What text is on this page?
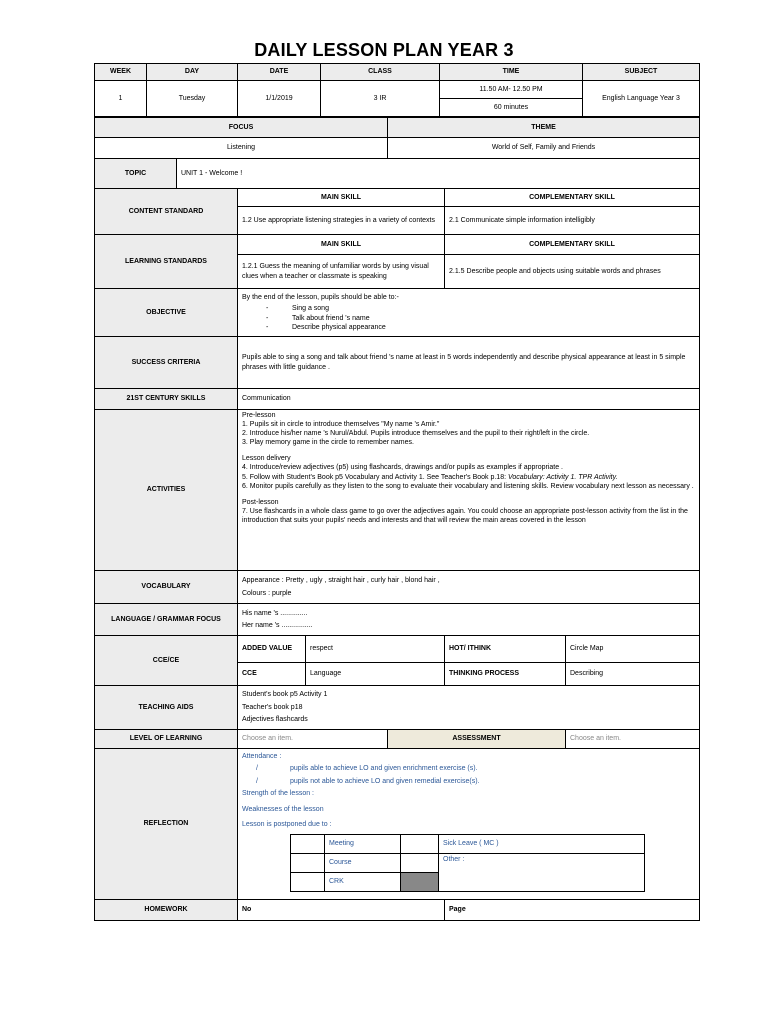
DAILY LESSON PLAN YEAR 3
WEEK	DAY	DATE	CLASS	TIME	SUBJECT
1	Tuesday	1/1/2019	3 IR	11.50 AM- 12.50 PM	English Language Year 3
				60 minutes	
FOCUS	THEME
Listening	World of Self, Family and Friends
TOPIC	UNIT 1 - Welcome !
CONTENT STANDARD	MAIN SKILL	COMPLEMENTARY SKILL
1.2 Use appropriate listening strategies in a variety of contexts	2.1 Communicate simple information intelligibly
LEARNING STANDARDS	MAIN SKILL	COMPLEMENTARY SKILL
1.2.1 Guess the meaning of unfamiliar words by using visual clues when a teacher or classmate is speaking	2.1.5 Describe people and objects using suitable words and phrases
OBJECTIVE	
By the end of the lesson, pupils should be able to:-
- Sing a song
- Talk about friend 's name
- Describe physical appearance

SUCCESS CRITERIA	Pupils able to sing a song and talk about friend 's name at least in 5 words independently and describe physical appearance at least in 5 simple phrases with little guidance .
21ST CENTURY SKILLS	Communication
ACTIVITIES	
Pre-lesson
1. Pupils sit in circle to introduce themselves "My name 's Amir."
2. Introduce his/her name 's Nurul/Abdul. Pupils introduce themselves and the pupil to their right/left in the circle.
3. Play memory game in the circle to remember names.
Lesson delivery
4. Introduce/review adjectives (p5) using flashcards, drawings and/or pupils as examples if appropriate .
5. Follow with Student's Book p5 Vocabulary and Activity 1. See Teacher's Book p.18: Vocabulary: Activity 1. TPR Activity.
6. Monitor pupils carefully as they listen to the song to evaluate their vocabulary and listening skills. Review vocabulary next lesson as necessary .
Post-lesson
7. Use flashcards in a whole class game to go over the adjectives again. You could choose an appropriate post-lesson activity from the list in the introduction that suits your pupils' needs and interests and that will review the main areas covered in the lesson

VOCABULARY	
Appearance : Pretty , ugly , straight hair , curly hair , blond hair ,
Colours : purple

LANGUAGE / GRAMMAR FOCUS	
His name 's ..............
Her name 's ................

CCE/CE	ADDED VALUE	respect	HOT/ ITHINK	Circle Map
CCE	Language	THINKING PROCESS	Describing
TEACHING AIDS	
Student's book p5 Activity 1
Teacher's book p18
Adjectives flashcards

LEVEL OF LEARNING	Choose an item.	ASSESSMENT	Choose an item.
REFLECTION	
Attendance :
/	pupils able to achieve LO and given enrichment exercise (s).
/	pupils not able to achieve LO and given remedial exercise(s).
Strength of the lesson :
Weaknesses of the lesson
Lesson is postponed due to :
	Meeting		Sick Leave ( MC )
	Course		Other :
	CRK	

HOMEWORK	No	Page
